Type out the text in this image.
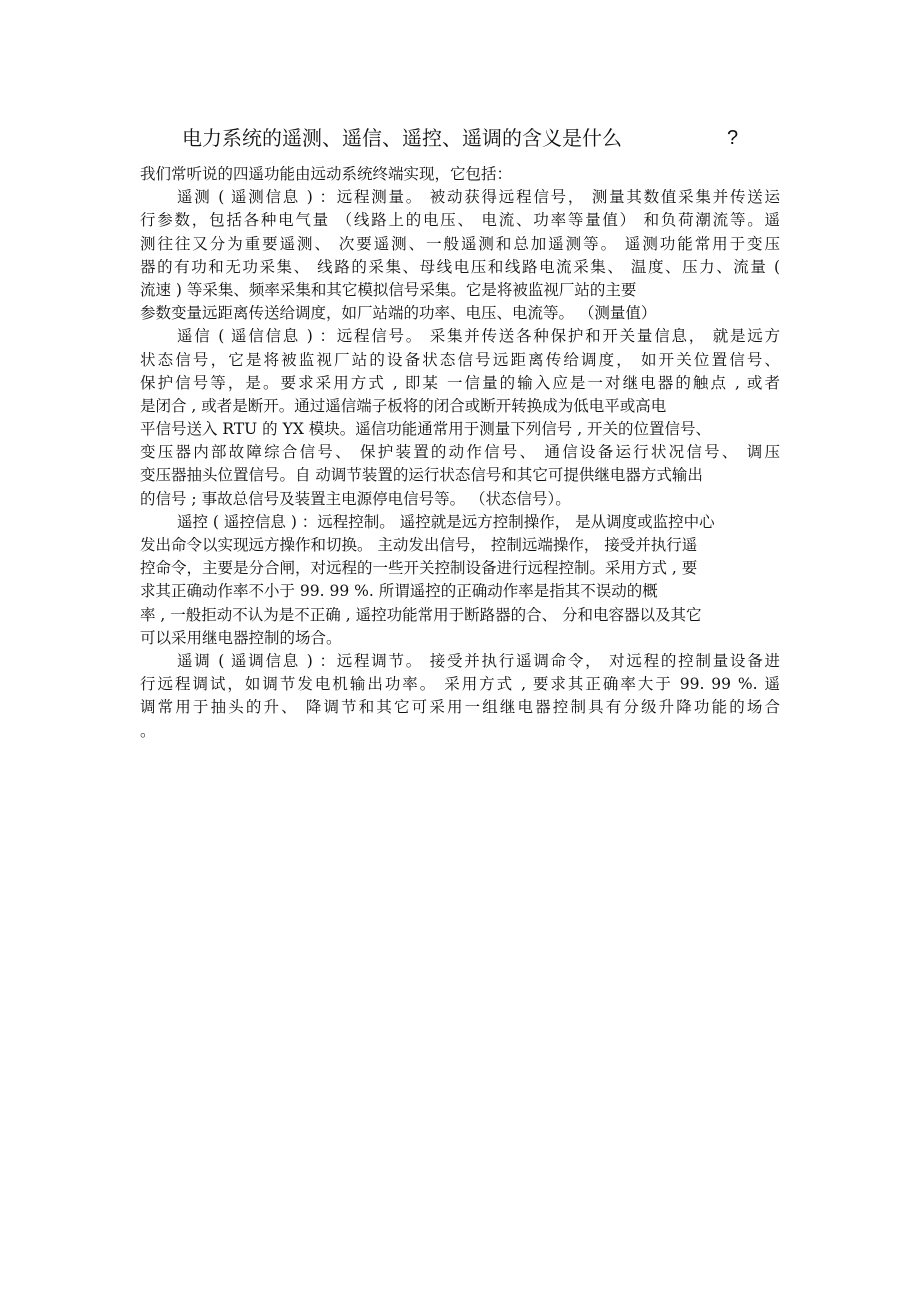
电力系统的遥测、遥信、遥控、遥调的含义是什么	?
我们常听说的四遥功能由远动系统终端实现，它包括：
遥测 ( 遥测信息 ) ：远程测量。 被动获得远程信号， 测量其数值采集并传送运
行参数，包括各种电气量 （线路上的电压、 电流、功率等量值） 和负荷潮流等。遥
测往往又分为重要遥测、 次要遥测、一般遥测和总加遥测等。 遥测功能常用于变压
器的有功和无功采集、 线路的采集、母线电压和线路电流采集、 温度、压力、流量 (
流速 ) 等采集、频率采集和其它模拟信号采集。它是将被监视厂站的主要
参数变量远距离传送给调度，如厂站端的功率、电压、电流等。 （测量值）
遥信 ( 遥信信息 ) ：远程信号。 采集并传送各种保护和开关量信息， 就是远方
状态信号，它是将被监视厂站的设备状态信号远距离传给调度， 如开关位置信号、
保护信号等，是。要求采用方式 , 即某 一信量的输入应是一对继电器的触点 , 或者
是闭合 , 或者是断开。通过遥信端子板将的闭合或断开转换成为低电平或高电
平信号送入 RTU 的 YX 模块。遥信功能通常用于测量下列信号 , 开关的位置信号、
变压器内部故障综合信号、 保护装置的动作信号、 通信设备运行状况信号、 调压
变压器抽头位置信号。自 动调节装置的运行状态信号和其它可提供继电器方式输出
的信号 ; 事故总信号及装置主电源停电信号等。 （状态信号）。
遥控 ( 遥控信息 ) ：远程控制。 遥控就是远方控制操作， 是从调度或监控中心
发出命令以实现远方操作和切换。 主动发出信号， 控制远端操作， 接受并执行遥
控命令，主要是分合闸，对远程的一些开关控制设备进行远程控制。采用方式 , 要
求其正确动作率不小于 99. 99 %. 所谓遥控的正确动作率是指其不误动的概
率 , 一般拒动不认为是不正确 , 遥控功能常用于断路器的合、 分和电容器以及其它
可以采用继电器控制的场合。
遥调 ( 遥调信息 ) ：远程调节。 接受并执行遥调命令， 对远程的控制量设备进
行远程调试，如调节发电机输出功率。 采用方式 , 要求其正确率大于 99. 99 %. 遥
调常用于抽头的升、 降调节和其它可采用一组继电器控制具有分级升降功能的场合
。
